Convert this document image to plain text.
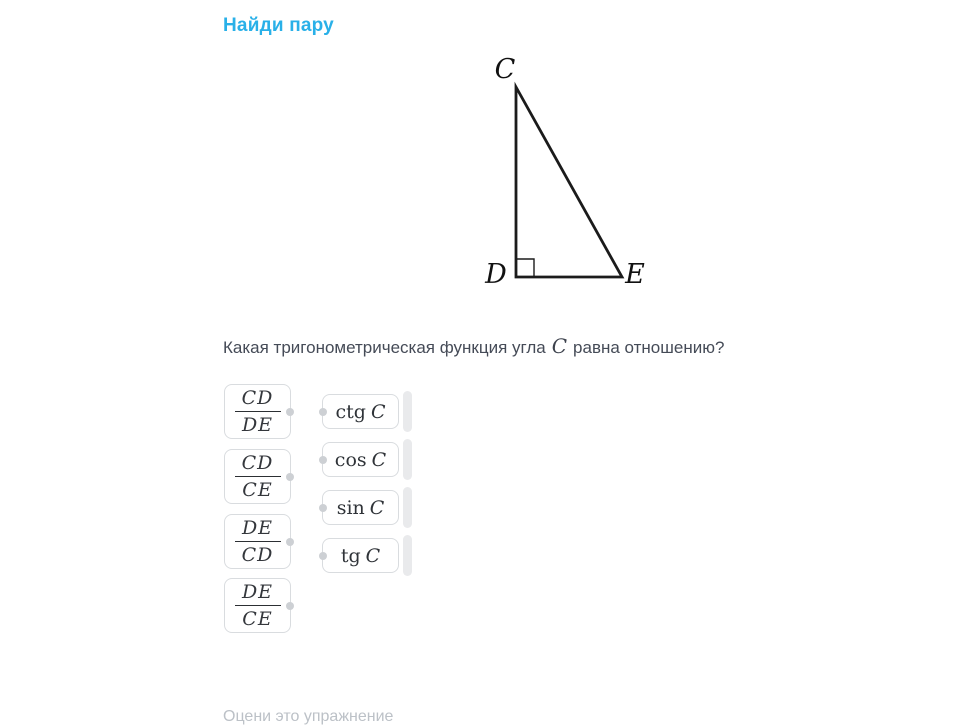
Найди пару
C
D	E
Какая тригонометрическая функция угла C равна отношению?
CD
DE
CD
CE
DE
CD
DE
CE
ctg C
cos C
sin C
tg C
Оцени это упражнение
